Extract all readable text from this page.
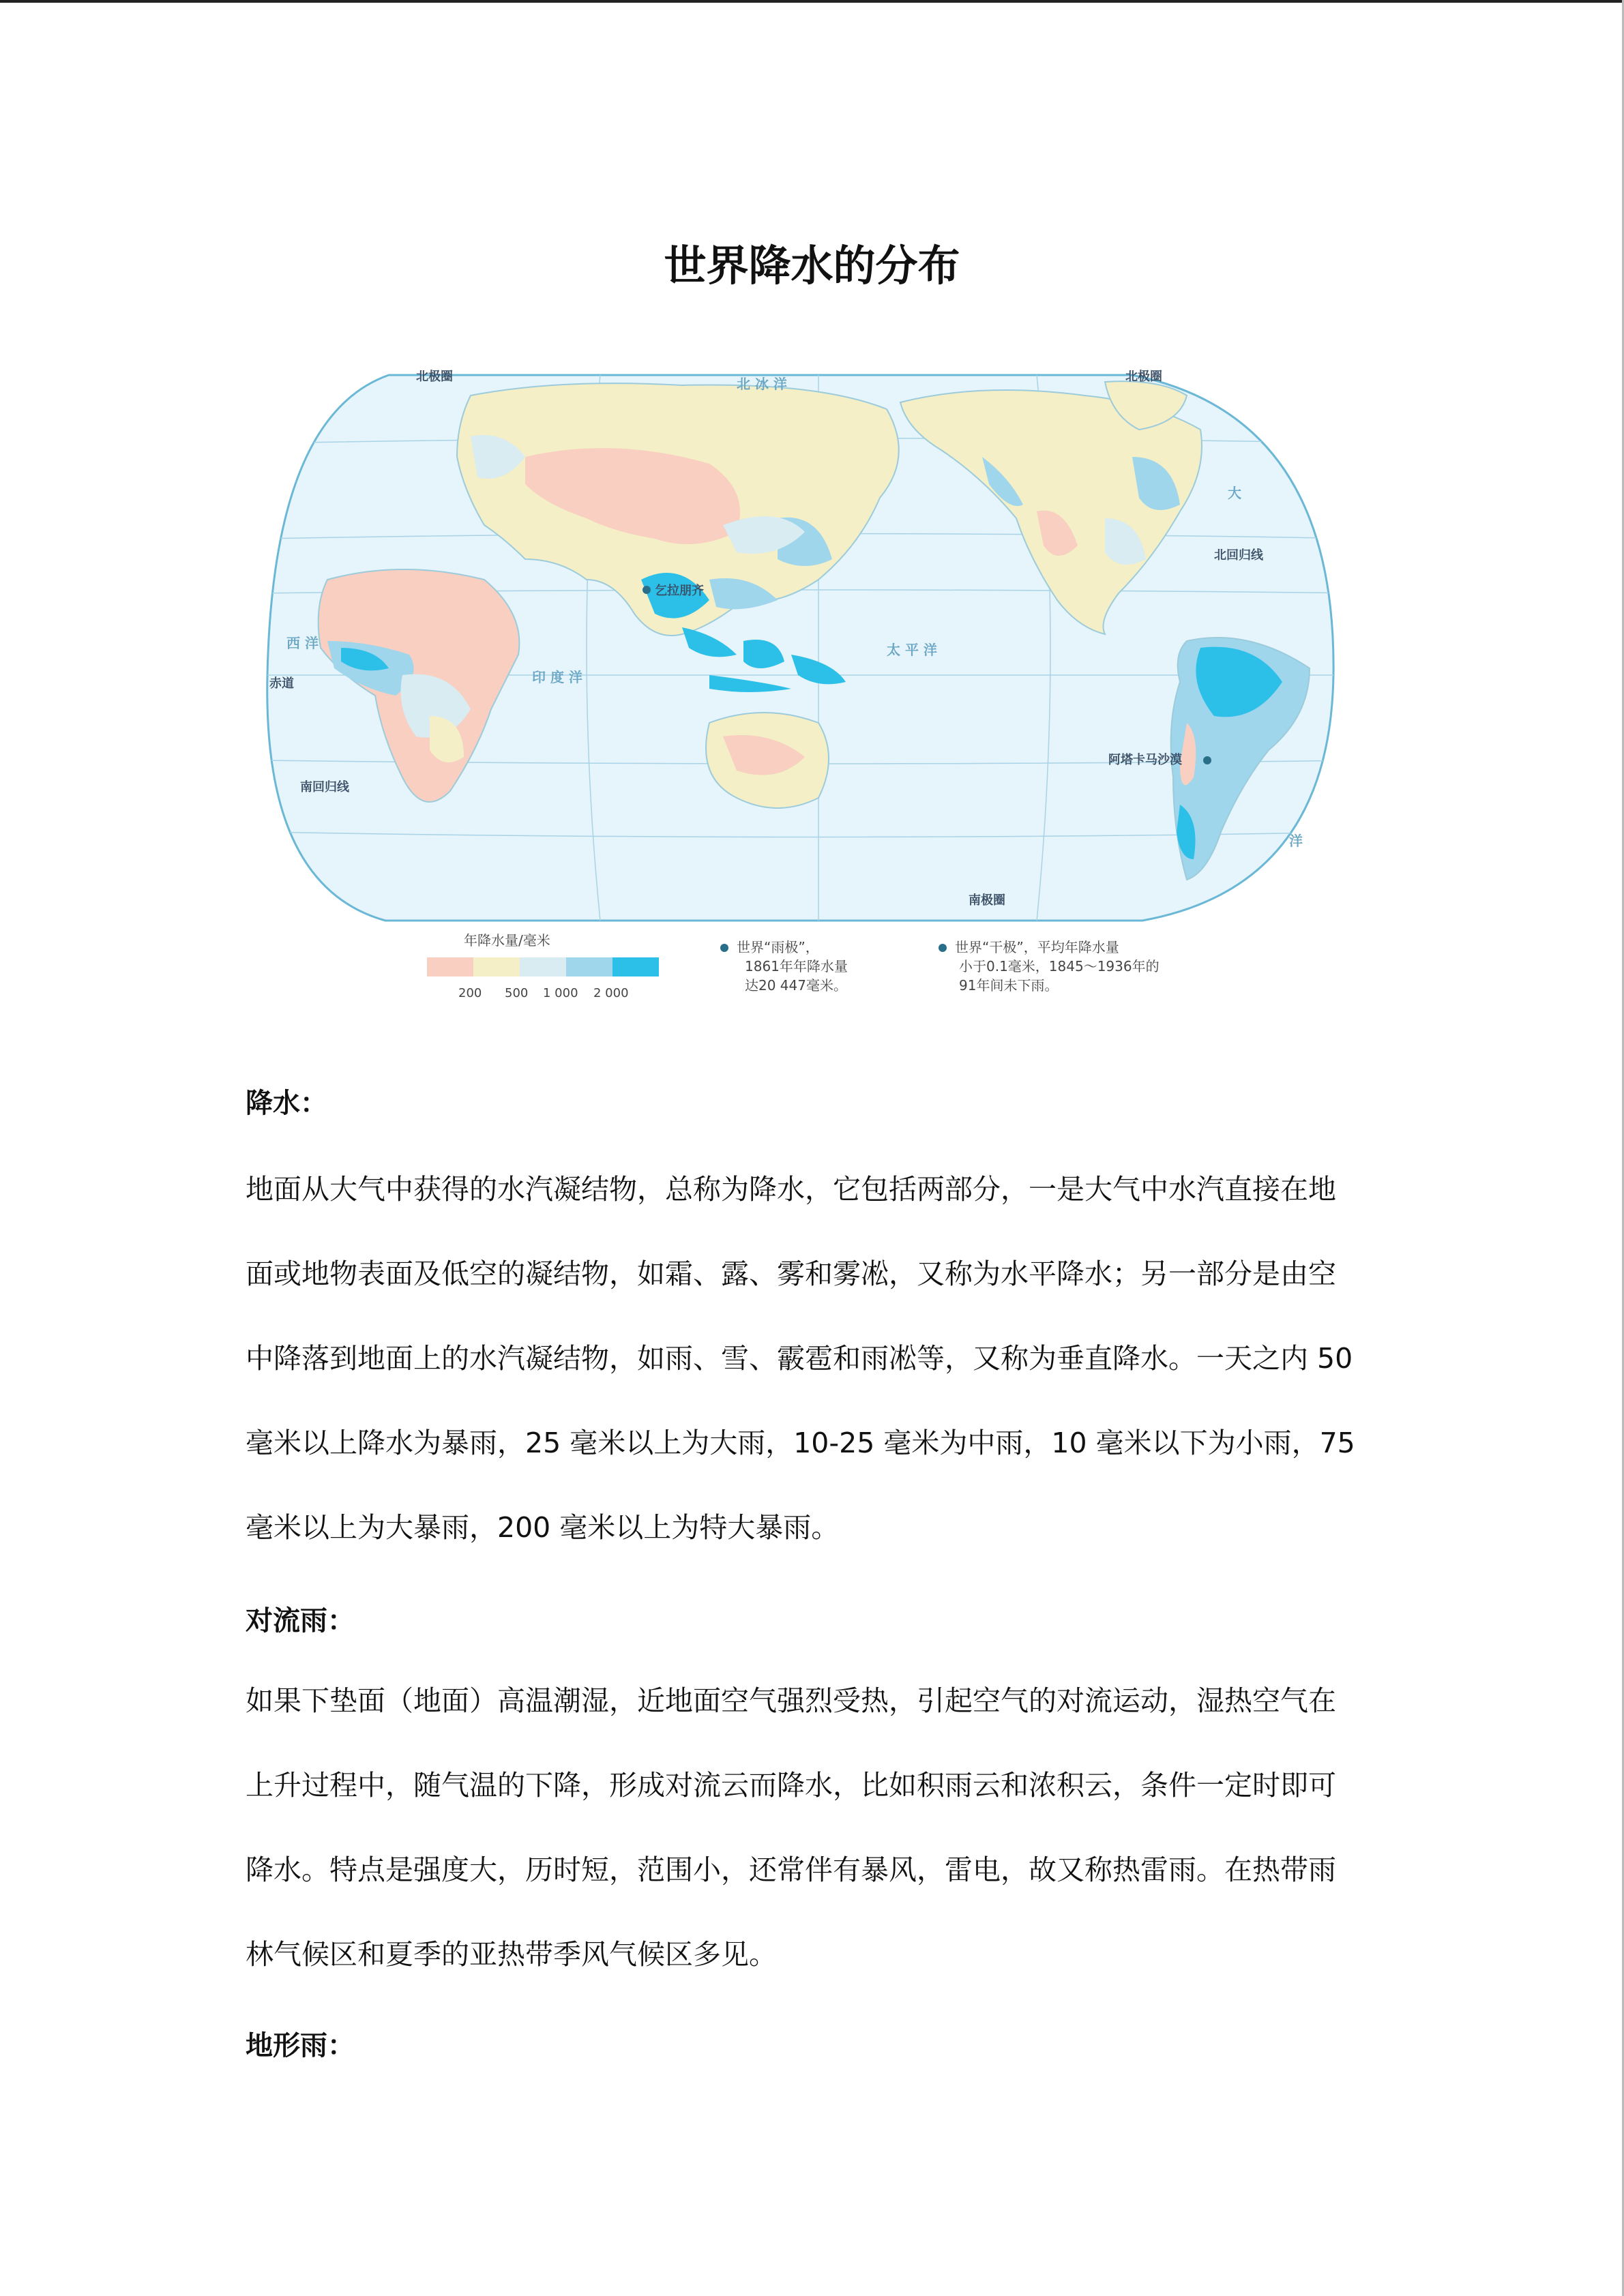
世界降水的分布
北极圈	北极圈
北 冰 洋
北回归线
赤道
南回归线
南极圈
乞拉朋齐
阿塔卡马沙漠
印 度 洋
太 平 洋
西 洋
大
洋
年降水量/毫米
200 500 1 000 2 000
世界“雨极”，
1861年年降水量
达20 447毫米。
世界“干极”，平均年降水量
小于0.1毫米，1845～1936年的
91年间未下雨。
降水：
地面从大气中获得的水汽凝结物，总称为降水，它包括两部分，一是大气中水汽直接在地
面或地物表面及低空的凝结物，如霜、露、雾和雾凇，又称为水平降水；另一部分是由空
中降落到地面上的水汽凝结物，如雨、雪、霰雹和雨凇等，又称为垂直降水。一天之内 50
毫米以上降水为暴雨，25 毫米以上为大雨，10-25 毫米为中雨，10 毫米以下为小雨，75
毫米以上为大暴雨，200 毫米以上为特大暴雨。
对流雨：
如果下垫面（地面）高温潮湿，近地面空气强烈受热，引起空气的对流运动，湿热空气在
上升过程中，随气温的下降，形成对流云而降水，比如积雨云和浓积云，条件一定时即可
降水。特点是强度大，历时短，范围小，还常伴有暴风，雷电，故又称热雷雨。在热带雨
林气候区和夏季的亚热带季风气候区多见。
地形雨：
